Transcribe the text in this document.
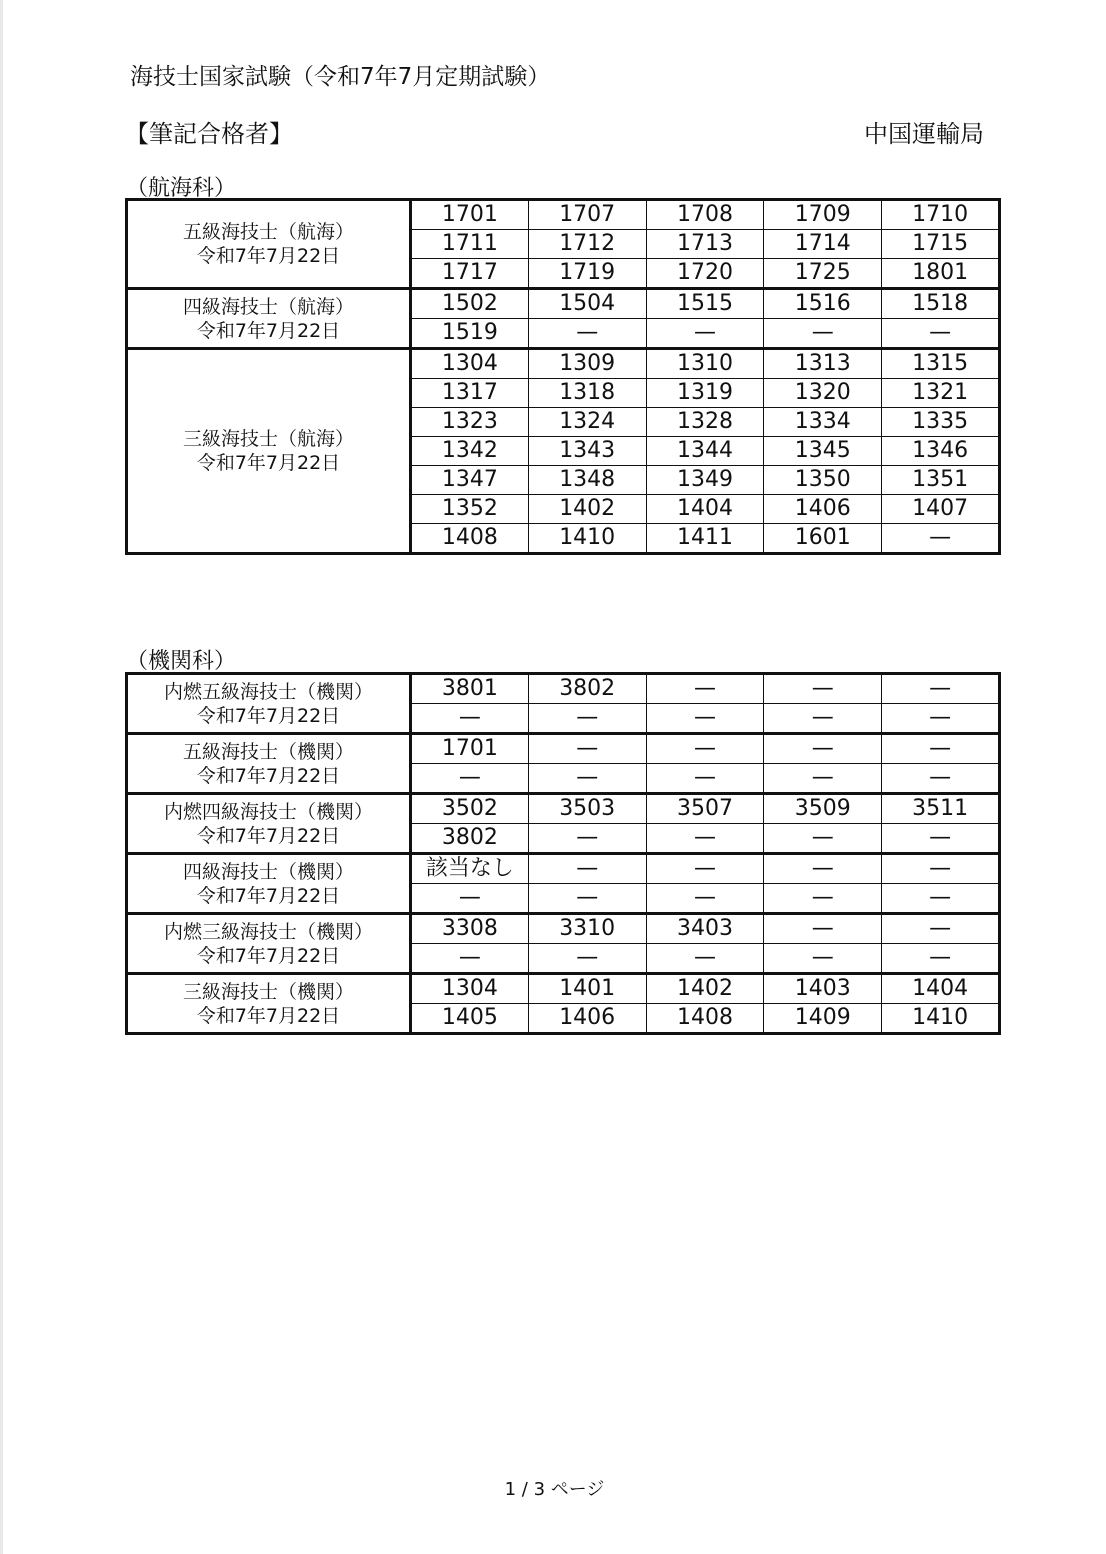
海技士国家試験（令和7年7月定期試験）
【筆記合格者】	中国運輸局
（航海科）
五級海技士（航海）
令和7年7月22日	1701	1707	1708	1709	1710
	1711	1712	1713	1714	1715
	1717	1719	1720	1725	1801

四級海技士（航海）
令和7年7月22日	1502	1504	1515	1516	1518
	1519	—	—	—	—

三級海技士（航海）
令和7年7月22日	1304	1309	1310	1313	1315
	1317	1318	1319	1320	1321
	1323	1324	1328	1334	1335
	1342	1343	1344	1345	1346
	1347	1348	1349	1350	1351
	1352	1402	1404	1406	1407
	1408	1410	1411	1601	—
（機関科）
内燃五級海技士（機関）
令和7年7月22日	3801	3802	—	—	—
	—	—	—	—	—

五級海技士（機関）
令和7年7月22日	1701	—	—	—	—
	—	—	—	—	—

内燃四級海技士（機関）
令和7年7月22日	3502	3503	3507	3509	3511
	3802	—	—	—	—

四級海技士（機関）
令和7年7月22日	該当なし	—	—	—	—
	—	—	—	—	—

内燃三級海技士（機関）
令和7年7月22日	3308	3310	3403	—	—
	—	—	—	—	—

三級海技士（機関）
令和7年7月22日	1304	1401	1402	1403	1404
	1405	1406	1408	1409	1410
1 / 3 ページ
